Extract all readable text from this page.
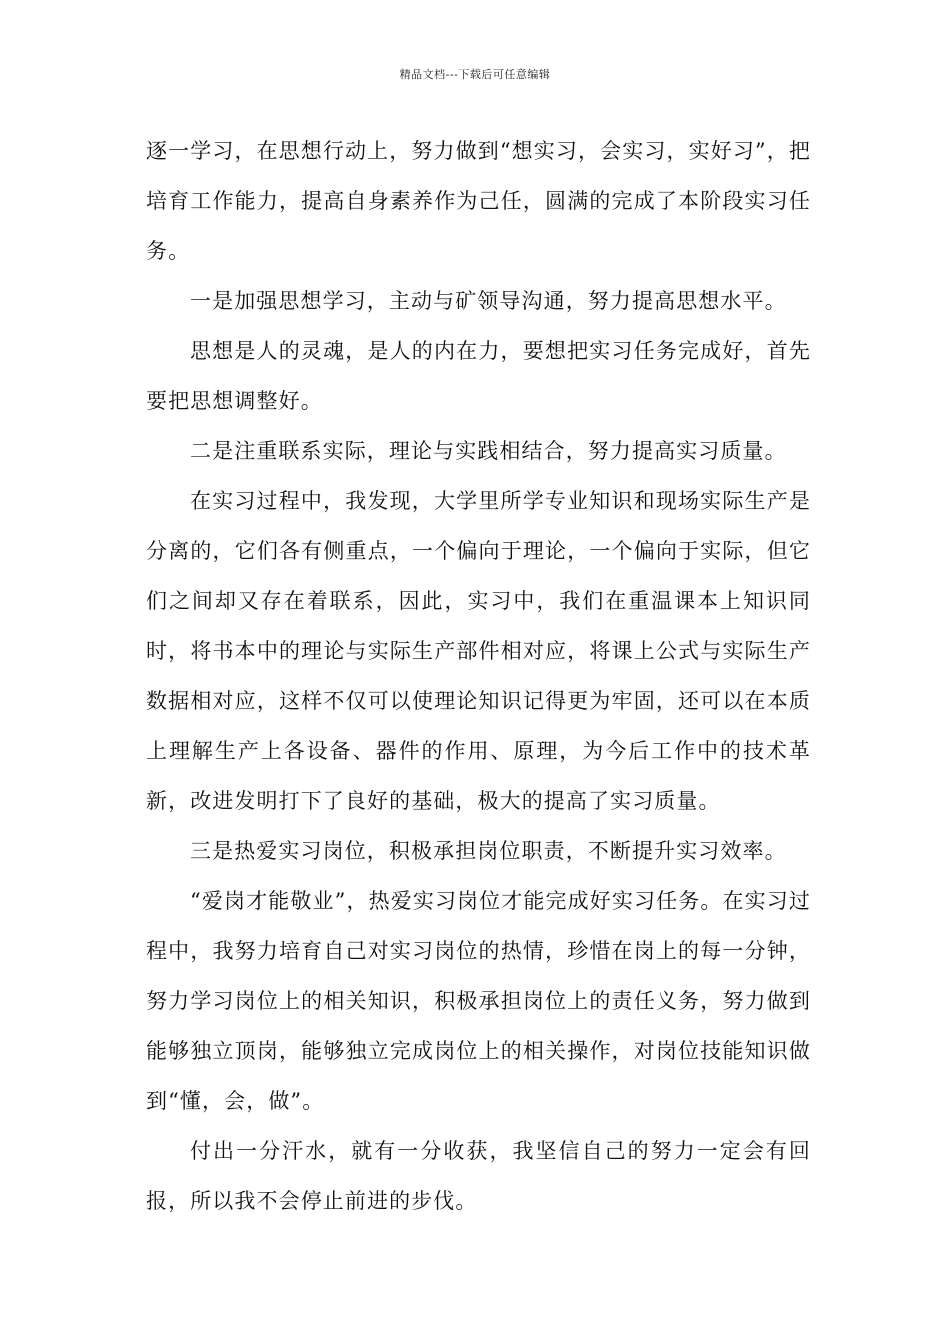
精品文档---下载后可任意编辑

逐一学习，在思想行动上，努力做到“想实习，会实习，实好习”，把培育工作能力，提高自身素养作为己任，圆满的完成了本阶段实习任务。

一是加强思想学习，主动与矿领导沟通，努力提高思想水平。

思想是人的灵魂，是人的内在力，要想把实习任务完成好，首先要把思想调整好。

二是注重联系实际，理论与实践相结合，努力提高实习质量。

在实习过程中，我发现，大学里所学专业知识和现场实际生产是分离的，它们各有侧重点，一个偏向于理论，一个偏向于实际，但它们之间却又存在着联系，因此，实习中，我们在重温课本上知识同时，将书本中的理论与实际生产部件相对应，将课上公式与实际生产数据相对应，这样不仅可以使理论知识记得更为牢固，还可以在本质上理解生产上各设备、器件的作用、原理，为今后工作中的技术革新，改进发明打下了良好的基础，极大的提高了实习质量。

三是热爱实习岗位，积极承担岗位职责，不断提升实习效率。

“爱岗才能敬业”，热爱实习岗位才能完成好实习任务。在实习过程中，我努力培育自己对实习岗位的热情，珍惜在岗上的每一分钟，努力学习岗位上的相关知识，积极承担岗位上的责任义务，努力做到能够独立顶岗，能够独立完成岗位上的相关操作，对岗位技能知识做到“懂，会，做”。

付出一分汗水，就有一分收获，我坚信自己的努力一定会有回报，所以我不会停止前进的步伐。
